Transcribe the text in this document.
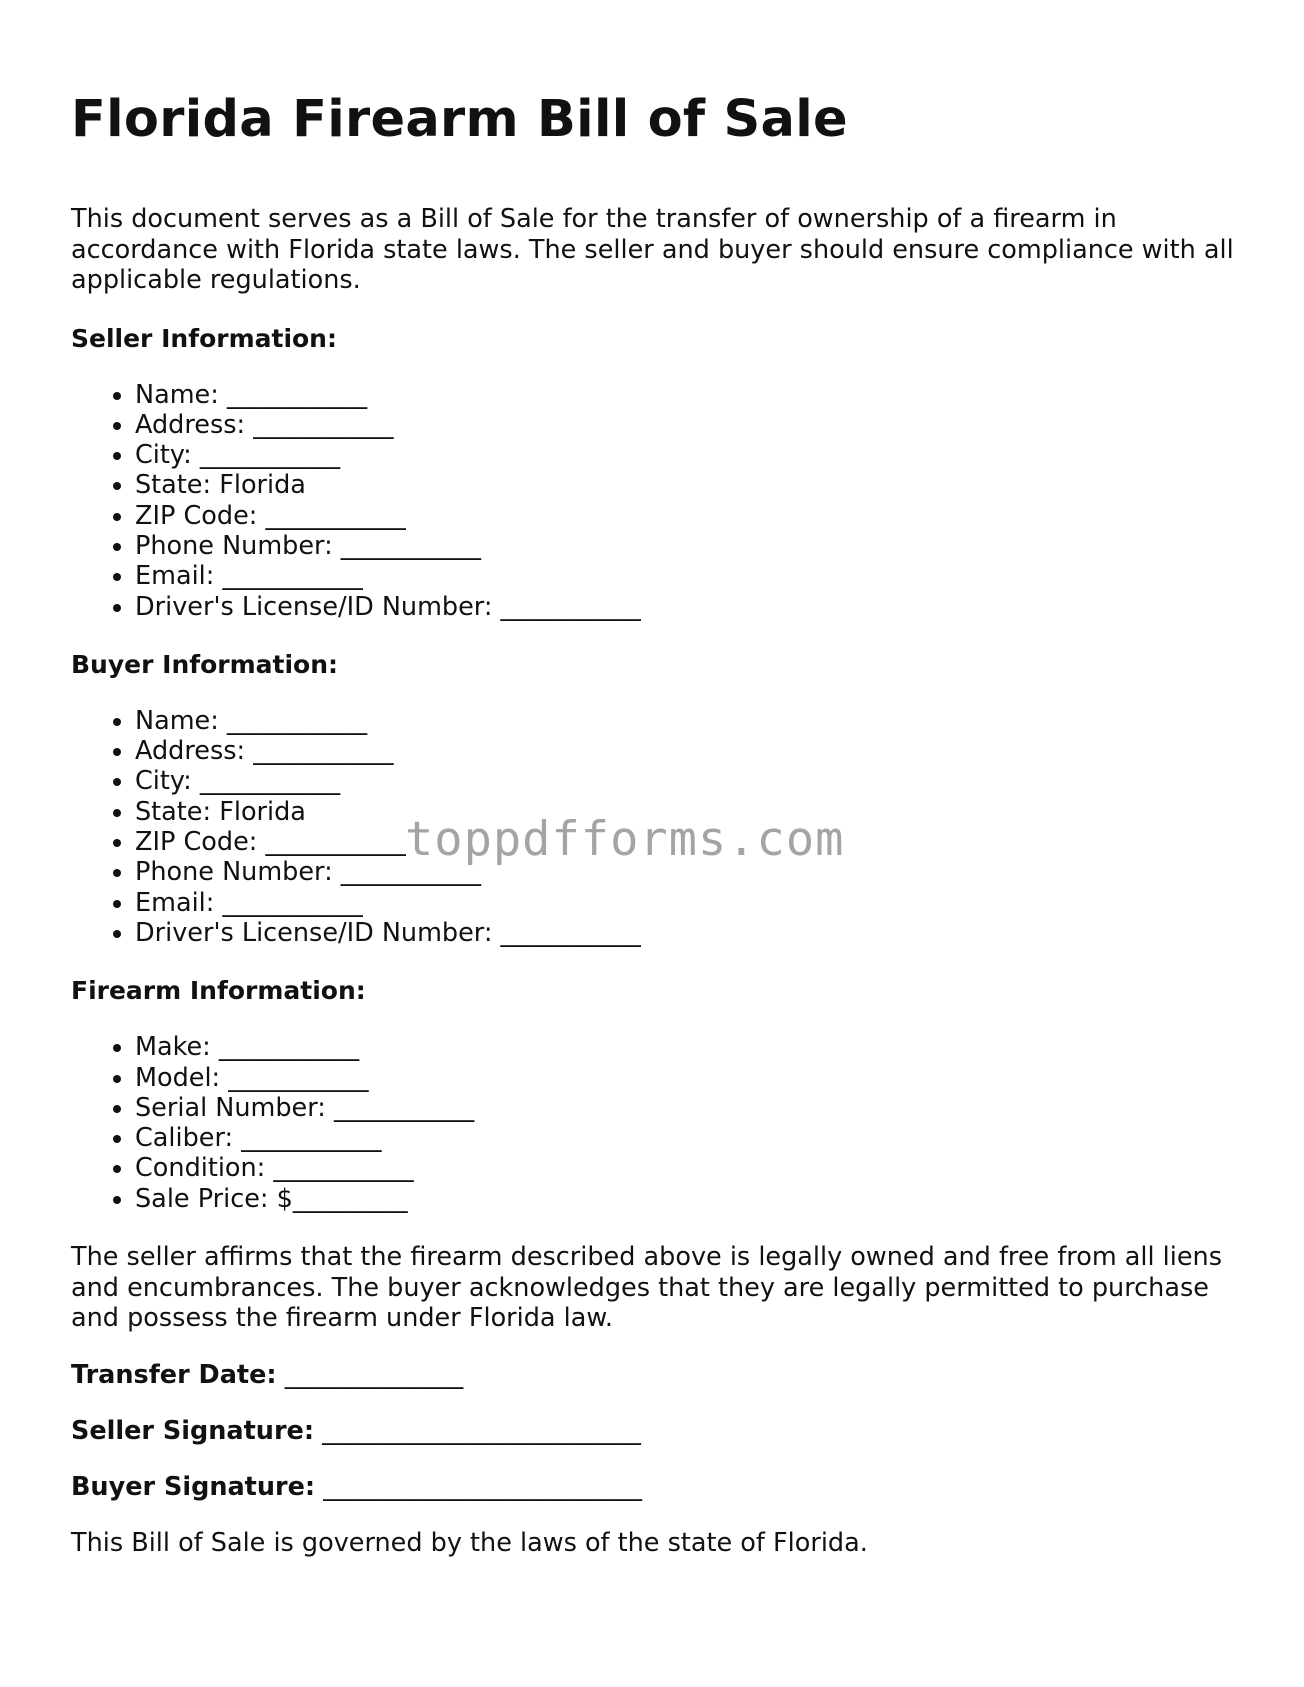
Florida Firearm Bill of Sale

This document serves as a Bill of Sale for the transfer of ownership of a firearm in accordance with Florida state laws. The seller and buyer should ensure compliance with all applicable regulations.

Seller Information:
• Name: ___________
• Address: ___________
• City: ___________
• State: Florida
• ZIP Code: ___________
• Phone Number: ___________
• Email: ___________
• Driver's License/ID Number: ___________
Buyer Information:
• Name: ___________
• Address: ___________
• City: ___________
• State: Florida
• ZIP Code: ___________
• Phone Number: ___________
• Email: ___________
• Driver's License/ID Number: ___________
Firearm Information:
• Make: ___________
• Model: ___________
• Serial Number: ___________
• Caliber: ___________
• Condition: ___________
• Sale Price: $_________

The seller affirms that the firearm described above is legally owned and free from all liens and encumbrances. The buyer acknowledges that they are legally permitted to purchase and possess the firearm under Florida law.

Transfer Date: ______________
Seller Signature: _________________________
Buyer Signature: _________________________

This Bill of Sale is governed by the laws of the state of Florida.

toppdfforms.com
